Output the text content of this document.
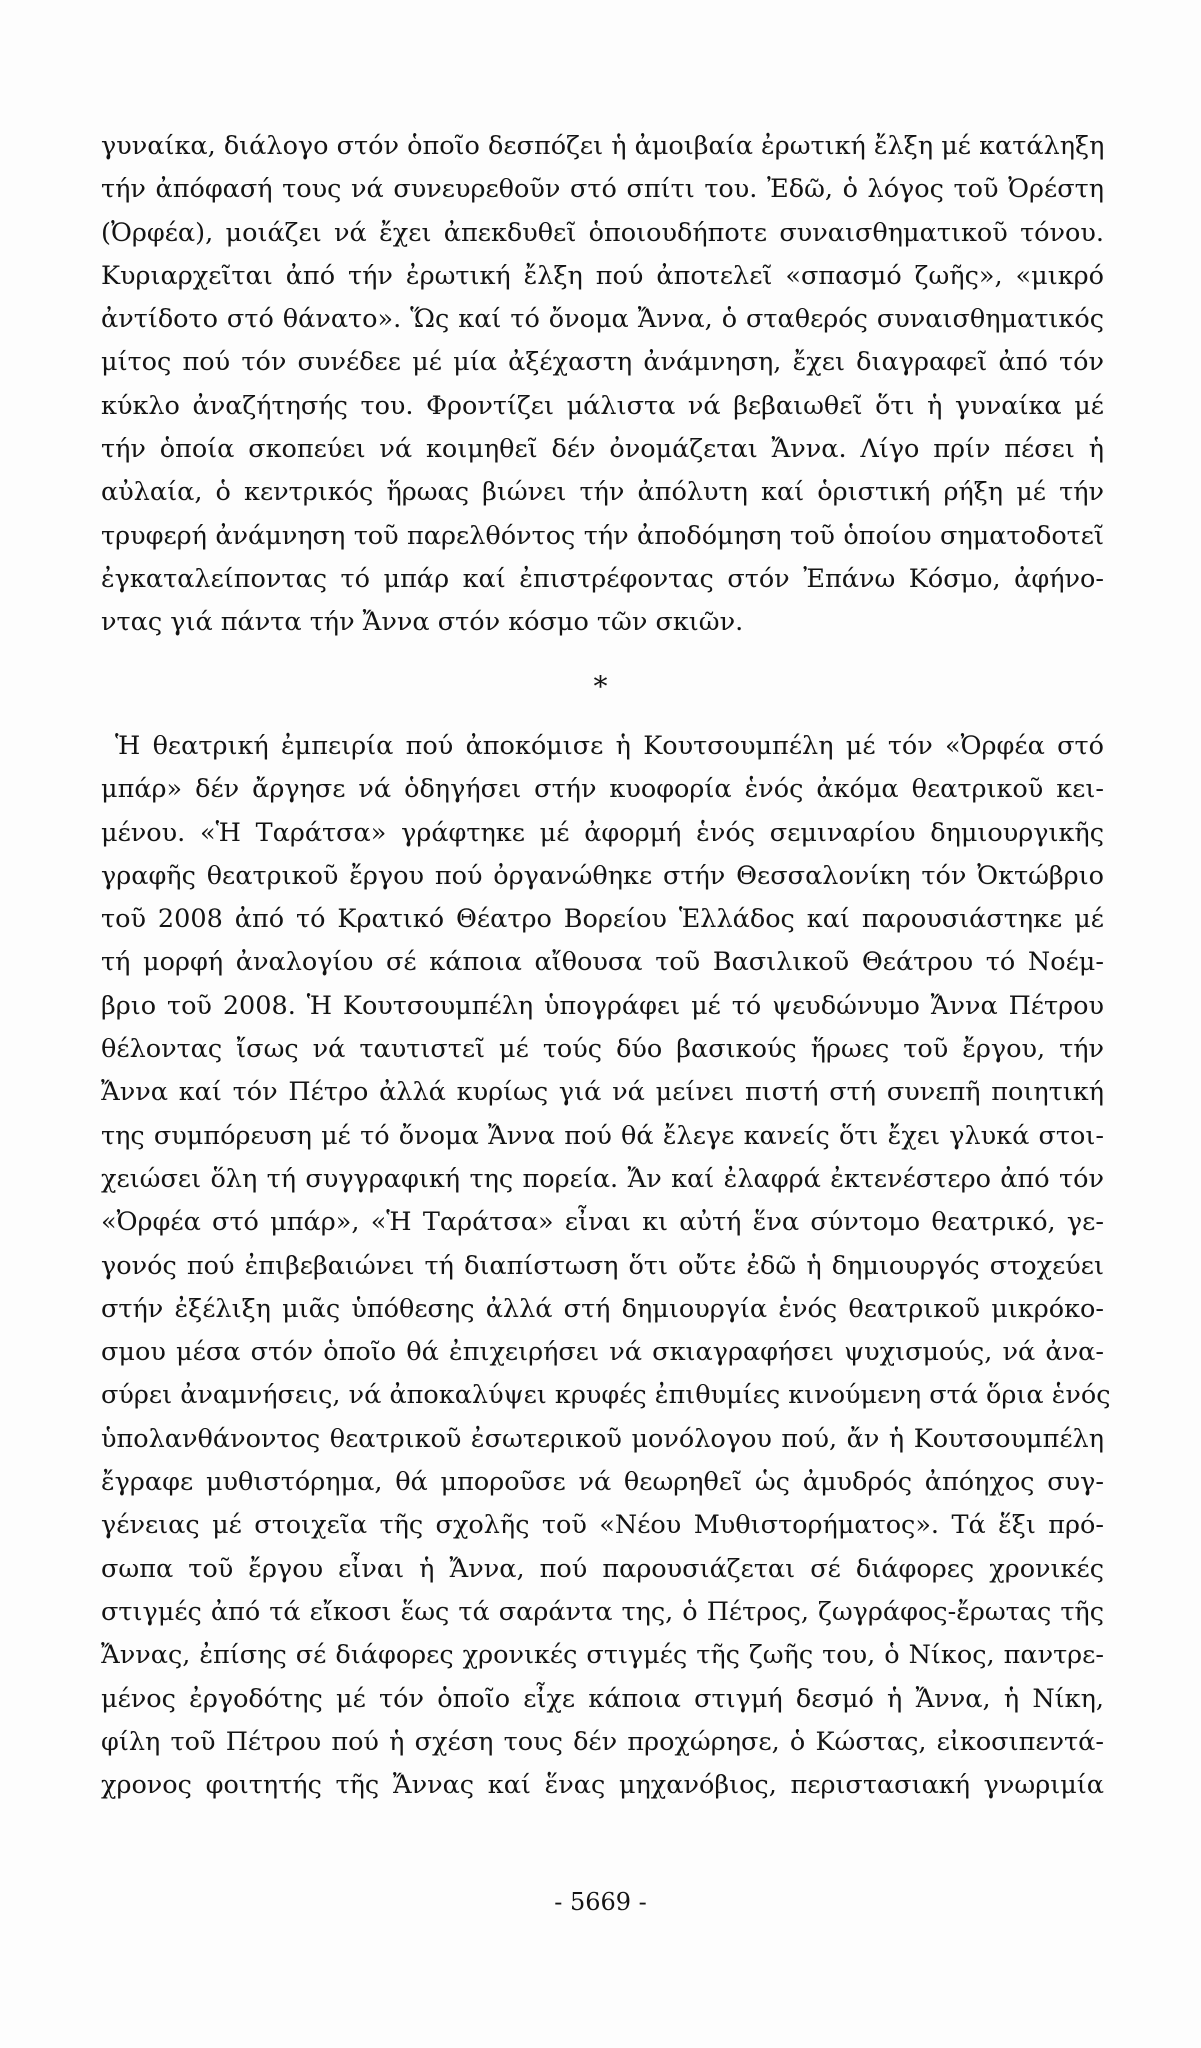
γυναίκα, διάλογο στόν ὁποῖο δεσπόζει ἡ ἀμοιβαία ἐρωτική ἔλξη μέ κατάληξη
τήν ἀπόφασή τους νά συνευρεθοῦν στό σπίτι του. Ἐδῶ, ὁ λόγος τοῦ Ὀρέστη
(Ὀρφέα), μοιάζει νά ἔχει ἀπεκδυθεῖ ὁποιουδήποτε συναισθηματικοῦ τόνου.
Κυριαρχεῖται ἀπό τήν ἐρωτική ἔλξη πού ἀποτελεῖ «σπασμό ζωῆς», «μικρό
ἀντίδοτο στό θάνατο». Ὥς καί τό ὄνομα Ἄννα, ὁ σταθερός συναισθηματικός
μίτος πού τόν συνέδεε μέ μία ἀξέχαστη ἀνάμνηση, ἔχει διαγραφεῖ ἀπό τόν
κύκλο ἀναζήτησής του. Φροντίζει μάλιστα νά βεβαιωθεῖ ὅτι ἡ γυναίκα μέ
τήν ὁποία σκοπεύει νά κοιμηθεῖ δέν ὀνομάζεται Ἄννα. Λίγο πρίν πέσει ἡ
αὐλαία, ὁ κεντρικός ἥρωας βιώνει τήν ἀπόλυτη καί ὁριστική ρήξη μέ τήν
τρυφερή ἀνάμνηση τοῦ παρελθόντος τήν ἀποδόμηση τοῦ ὁποίου σηματοδοτεῖ
ἐγκαταλείποντας τό μπάρ καί ἐπιστρέφοντας στόν Ἐπάνω Κόσμο, ἀφήνο-
ντας γιά πάντα τήν Ἄννα στόν κόσμο τῶν σκιῶν.
*
Ἡ θεατρική ἐμπειρία πού ἀποκόμισε ἡ Κουτσουμπέλη μέ τόν «Ὀρφέα στό
μπάρ» δέν ἄργησε νά ὁδηγήσει στήν κυοφορία ἑνός ἀκόμα θεατρικοῦ κει-
μένου. «Ἡ Ταράτσα» γράφτηκε μέ ἀφορμή ἑνός σεμιναρίου δημιουργικῆς
γραφῆς θεατρικοῦ ἔργου πού ὀργανώθηκε στήν Θεσσαλονίκη τόν Ὀκτώβριο
τοῦ 2008 ἀπό τό Κρατικό Θέατρο Βορείου Ἑλλάδος καί παρουσιάστηκε μέ
τή μορφή ἀναλογίου σέ κάποια αἴθουσα τοῦ Βασιλικοῦ Θεάτρου τό Νοέμ-
βριο τοῦ 2008. Ἡ Κουτσουμπέλη ὑπογράφει μέ τό ψευδώνυμο Ἄννα Πέτρου
θέλοντας ἴσως νά ταυτιστεῖ μέ τούς δύο βασικούς ἥρωες τοῦ ἔργου, τήν
Ἄννα καί τόν Πέτρο ἀλλά κυρίως γιά νά μείνει πιστή στή συνεπῆ ποιητική
της συμπόρευση μέ τό ὄνομα Ἄννα πού θά ἔλεγε κανείς ὅτι ἔχει γλυκά στοι-
χειώσει ὅλη τή συγγραφική της πορεία. Ἄν καί ἐλαφρά ἐκτενέστερο ἀπό τόν
«Ὀρφέα στό μπάρ», «Ἡ Ταράτσα» εἶναι κι αὐτή ἕνα σύντομο θεατρικό, γε-
γονός πού ἐπιβεβαιώνει τή διαπίστωση ὅτι οὔτε ἐδῶ ἡ δημιουργός στοχεύει
στήν ἐξέλιξη μιᾶς ὑπόθεσης ἀλλά στή δημιουργία ἑνός θεατρικοῦ μικρόκο-
σμου μέσα στόν ὁποῖο θά ἐπιχειρήσει νά σκιαγραφήσει ψυχισμούς, νά ἀνα-
σύρει ἀναμνήσεις, νά ἀποκαλύψει κρυφές ἐπιθυμίες κινούμενη στά ὅρια ἑνός
ὑπολανθάνοντος θεατρικοῦ ἐσωτερικοῦ μονόλογου πού, ἄν ἡ Κουτσουμπέλη
ἔγραφε μυθιστόρημα, θά μποροῦσε νά θεωρηθεῖ ὡς ἀμυδρός ἀπόηχος συγ-
γένειας μέ στοιχεῖα τῆς σχολῆς τοῦ «Νέου Μυθιστορήματος». Τά ἕξι πρό-
σωπα τοῦ ἔργου εἶναι ἡ Ἄννα, πού παρουσιάζεται σέ διάφορες χρονικές
στιγμές ἀπό τά εἴκοσι ἕως τά σαράντα της, ὁ Πέτρος, ζωγράφος-ἔρωτας τῆς
Ἄννας, ἐπίσης σέ διάφορες χρονικές στιγμές τῆς ζωῆς του, ὁ Νίκος, παντρε-
μένος ἐργοδότης μέ τόν ὁποῖο εἶχε κάποια στιγμή δεσμό ἡ Ἄννα, ἡ Νίκη,
φίλη τοῦ Πέτρου πού ἡ σχέση τους δέν προχώρησε, ὁ Κώστας, εἰκοσιπεντά-
χρονος φοιτητής τῆς Ἄννας καί ἕνας μηχανόβιος, περιστασιακή γνωριμία
- 5669 -
